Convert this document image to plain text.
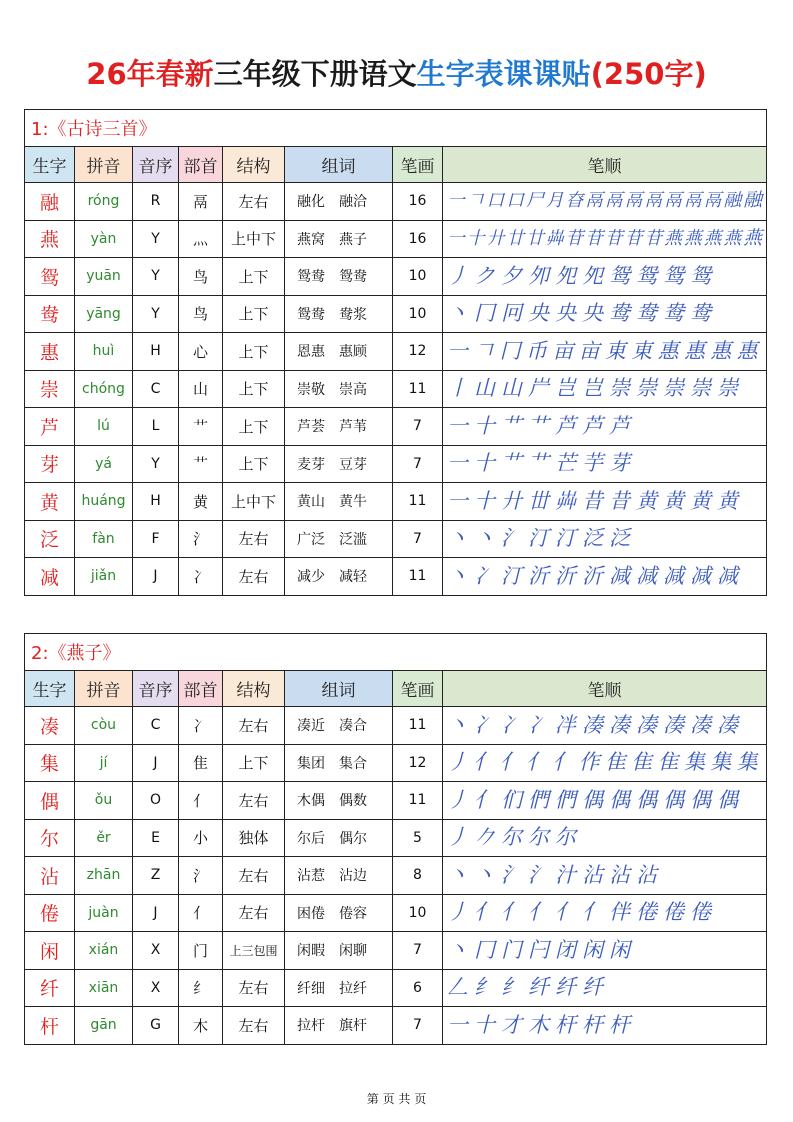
26年春新三年级下册语文生字表课课贴(250字)
1:《古诗三首》							
生字	拼音	音序	部首	结构	组词	笔画	笔顺
融	róng	R	鬲	左右	融化 融洽	16	一 𠃍 口 口 尸 月 昚 鬲 鬲 鬲 鬲 鬲 鬲 鬲 融 融
燕	yàn	Y	灬	上中下	燕窝 燕子	16	一 十 廾 廿 廿 芔 苷 苷 苷 苷 苷 燕 燕 燕 燕 燕
鸳	yuān	Y	鸟	上下	鸳鸯 鸳鸯	10	丿 ク 夕 夘 夗 夗 鸳 鸳 鸳 鸳
鸯	yāng	Y	鸟	上下	鸳鸯 鸯浆	10	丶 冂 冋 央 央 央 鸯 鸯 鸯 鸯
惠	huì	H	心	上下	恩惠 惠顾	12	一 𠃍 冂 币 亩 亩 東 東 惠 惠 惠 惠
崇	chóng	C	山	上下	崇敬 崇高	11	丨 山 山 屵 岂 岂 崇 崇 崇 崇 崇
芦	lú	L	艹	上下	芦荟 芦苇	7	一 十 艹 艹 芦 芦 芦
芽	yá	Y	艹	上下	麦芽 豆芽	7	一 十 艹 艹 芒 芋 芽
黄	huáng	H	黄	上中下	黄山 黄牛	11	一 十 廾 丗 芔 昔 昔 黄 黄 黄 黄
泛	fàn	F	氵	左右	广泛 泛滥	7	丶 丶 氵 汀 汀 泛 泛
减	jiǎn	J	冫	左右	减少 减轻	11	丶 冫 汀 沂 沂 沂 减 减 减 减 减
2:《燕子》							
生字	拼音	音序	部首	结构	组词	笔画	笔顺
凑	còu	C	冫	左右	凑近 凑合	11	丶 冫 冫 冫 冸 凑 凑 凑 凑 凑 凑
集	jí	J	隹	上下	集团 集合	12	丿 亻 亻 亻 亻 作 隹 隹 隹 集 集 集
偶	ǒu	O	亻	左右	木偶 偶数	11	丿 亻 们 們 們 偶 偶 偶 偶 偶 偶
尔	ěr	E	小	独体	尔后 偶尔	5	丿 𠂊 尔 尔 尔
沾	zhān	Z	氵	左右	沾惹 沾边	8	丶 丶 氵 氵 汁 沾 沾 沾
倦	juàn	J	亻	左右	困倦 倦容	10	丿 亻 亻 亻 亻 亻 伴 倦 倦 倦
闲	xián	X	门	上三包围	闲暇 闲聊	7	丶 冂 门 闩 闭 闲 闲
纤	xiān	X	纟	左右	纤细 拉纤	6	𠃋 纟 纟 纤 纤 纤
杆	gān	G	木	左右	拉杆 旗杆	7	一 十 才 木 杆 杆 杆
第 页 共 页
